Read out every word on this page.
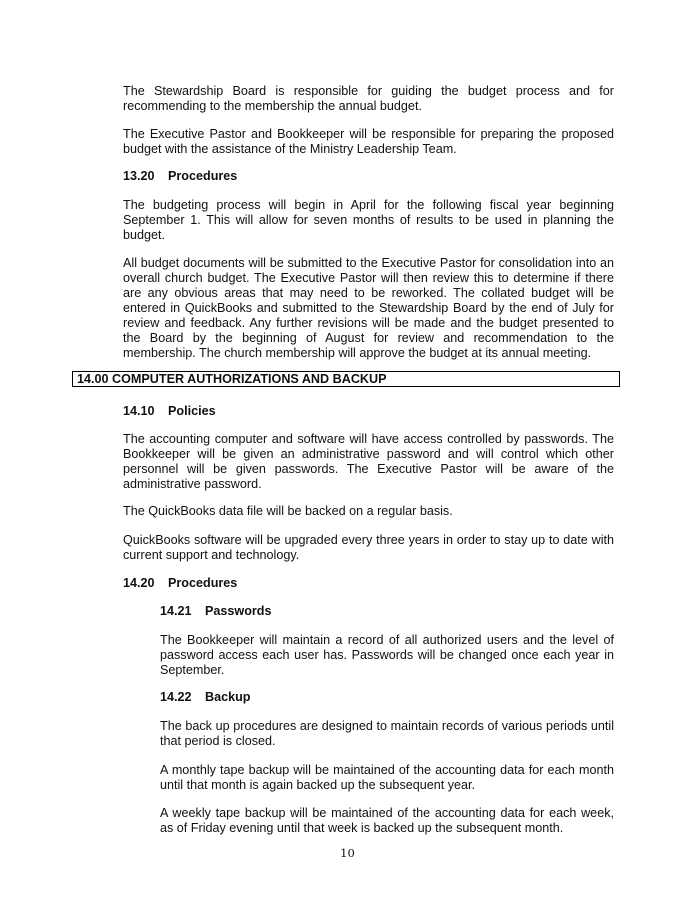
The Stewardship Board is responsible for guiding the budget process and for recommending to the membership the annual budget.

The Executive Pastor and Bookkeeper will be responsible for preparing the proposed budget with the assistance of the Ministry Leadership Team.

13.20 Procedures

The budgeting process will begin in April for the following fiscal year beginning September 1. This will allow for seven months of results to be used in planning the budget.

All budget documents will be submitted to the Executive Pastor for consolidation into an overall church budget. The Executive Pastor will then review this to determine if there are any obvious areas that may need to be reworked. The collated budget will be entered in QuickBooks and submitted to the Stewardship Board by the end of July for review and feedback. Any further revisions will be made and the budget presented to the Board by the beginning of August for review and recommendation to the membership. The church membership will approve the budget at its annual meeting.

14.00 COMPUTER AUTHORIZATIONS AND BACKUP

14.10 Policies

The accounting computer and software will have access controlled by passwords. The Bookkeeper will be given an administrative password and will control which other personnel will be given passwords. The Executive Pastor will be aware of the administrative password.

The QuickBooks data file will be backed on a regular basis.

QuickBooks software will be upgraded every three years in order to stay up to date with current support and technology.

14.20 Procedures

14.21 Passwords

The Bookkeeper will maintain a record of all authorized users and the level of password access each user has. Passwords will be changed once each year in September.

14.22 Backup

The back up procedures are designed to maintain records of various periods until that period is closed.

A monthly tape backup will be maintained of the accounting data for each month until that month is again backed up the subsequent year.

A weekly tape backup will be maintained of the accounting data for each week, as of Friday evening until that week is backed up the subsequent month.

10
